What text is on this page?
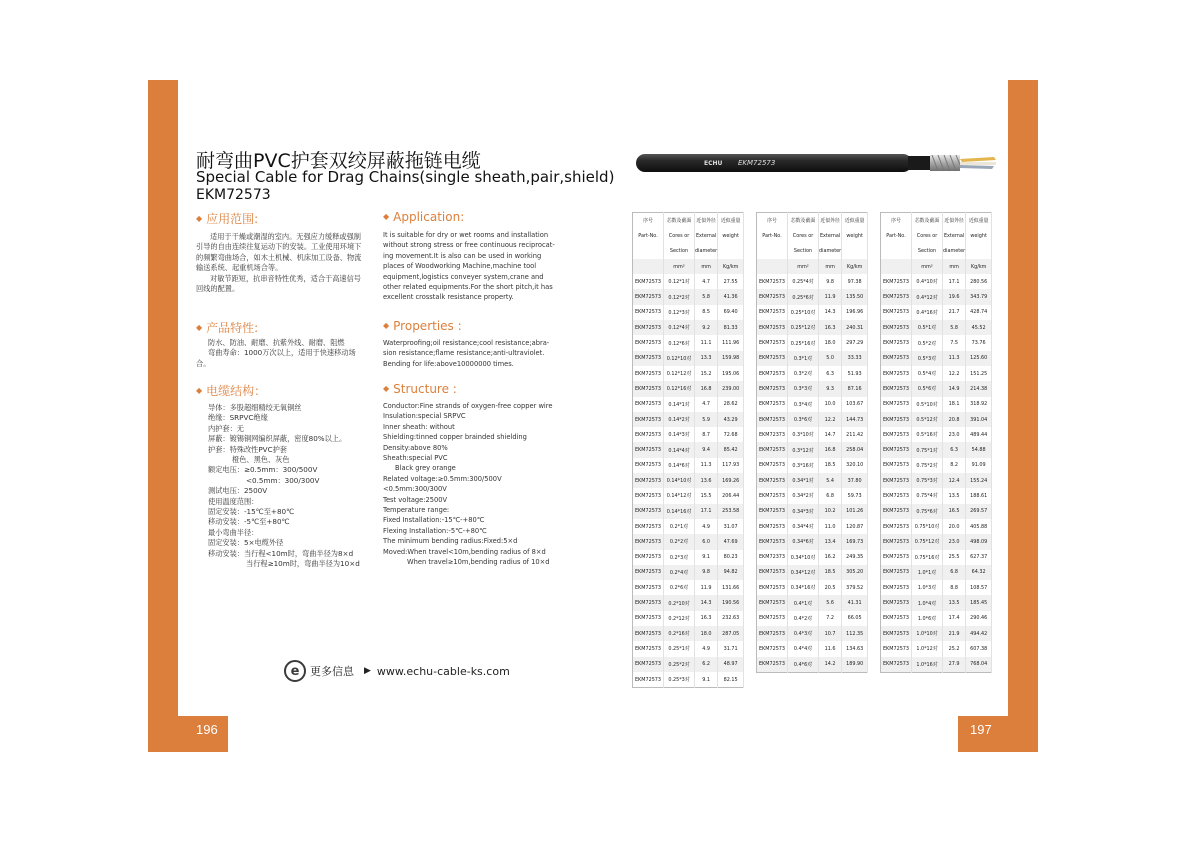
196	197
耐弯曲PVC护套双绞屏蔽拖链电缆
Special Cable for Drag Chains(single sheath,pair,shield)
EKM72573
◆ 应用范围:

适用于干燥或潮湿的室内。无强应力缓释或强制

引导的自由连续往复运动下的安装。工业使用环境下

的频繁弯曲场合，如木土机械、机床加工设备、物流

输送系统、起重机场合等。

对敏节距短，抗串音特性优秀，适合于高速信号

回线的配置。

◆ 产品特性:

防水、防油、耐磨、抗紫外线、耐磨、阻燃

弯曲寿命：1000万次以上，适用于快速移动场

合。

◆ 电缆结构：

导体：多股超细精绞无氧铜丝

绝缘：SRPVC绝缘

内护套：无

屏蔽：镀锡铜网编织屏蔽，密度80%以上。

护套：特殊改性PVC护套

橙色、黑色、灰色

额定电压：≥0.5mm：300/500V

<0.5mm：300/300V

测试电压：2500V

使用温度范围：

固定安装：-15℃至+80℃

移动安装：-5℃至+80℃

最小弯曲半径：

固定安装：5×电缆外径

移动安装：当行程<10m时，弯曲半径为8×d

当行程≥10m时，弯曲半径为10×d

◆ Application:

It is suitable for dry or wet rooms and installation

without strong stress or free continuous reciprocat-

ing movement.It is also can be used in working

places of Woodworking Machine,machine tool

equipment,logistics conveyer system,crane and

other related equipments.For the short pitch,it has

excellent crosstalk resistance property.

◆ Properties :

Waterproofing;oil resistance;cool resistance;abra-

sion resistance;flame resistance;anti-ultraviolet.

Bending for life:above10000000 times.

◆ Structure :

Conductor:Fine strands of oxygen-free copper wire

Insulation:special SRPVC

Inner sheath: without

Shielding:tinned copper brainded shielding

Density:above 80%

Sheath:special PVC

Black grey orange

Related voltage:≥0.5mm:300/500V

<0.5mm:300/300V

Test voltage:2500V

Temperature range:

Fixed Installation:-15℃-+80℃

Flexing Installation:-5℃-+80℃

The minimum bending radius:Fixed:5×d

Moved:When travel<10m,bending radius of 8×d

When travel≥10m,bending radius of 10×d

e 更多信息 ▶ www.echu-cable-ks.com
ECHU EKM72573
序号	芯数及截面	近似外径	近似重量
Part-No.	Cores or	External	weight
	Section	diameter	
	mm²	mm	Kg/km
EKM72573	0.12*1对	4.7	27.55
EKM72573	0.12*2对	5.8	41.36
EKM72573	0.12*3对	8.5	69.40
EKM72573	0.12*4对	9.2	81.33
EKM72573	0.12*6对	11.1	111.96
EKM72573	0.12*10对	13.3	159.98
EKM72573	0.12*12对	15.2	195.06
EKM72573	0.12*16对	16.8	239.00
EKM72573	0.14*1对	4.7	28.62
EKM72573	0.14*2对	5.9	43.29
EKM72573	0.14*3对	8.7	72.68
EKM72573	0.14*4对	9.4	85.42
EKM72573	0.14*6对	11.3	117.93
EKM72573	0.14*10对	13.6	169.26
EKM72573	0.14*12对	15.5	206.44
EKM72573	0.14*16对	17.1	253.58
EKM72573	0.2*1对	4.9	31.07
EKM72573	0.2*2对	6.0	47.69
EKM72573	0.2*3对	9.1	80.23
EKM72573	0.2*4对	9.8	94.82
EKM72573	0.2*6对	11.9	131.66
EKM72573	0.2*10对	14.3	190.56
EKM72573	0.2*12对	16.3	232.63
EKM72573	0.2*16对	18.0	287.05
EKM72573	0.25*1对	4.9	31.71
EKM72573	0.25*2对	6.2	48.97
EKM72573	0.25*3对	9.1	82.15
序号	芯数及截面	近似外径	近似重量
Part-No.	Cores or	External	weight
	Section	diameter	
	mm²	mm	Kg/km
EKM72573	0.25*4对	9.8	97.38
EKM72573	0.25*6对	11.9	135.50
EKM72573	0.25*10对	14.3	196.96
EKM72573	0.25*12对	16.3	240.31
EKM72573	0.25*16对	18.0	297.29
EKM72573	0.3*1对	5.0	33.33
EKM72573	0.3*2对	6.3	51.93
EKM72573	0.3*3对	9.3	87.16
EKM72573	0.3*4对	10.0	103.67
EKM72573	0.3*6对	12.2	144.73
EKM72373	0.3*10对	14.7	211.42
EKM72573	0.3*12对	16.8	258.04
EKM72573	0.3*16对	18.5	320.10
EKM72573	0.34*1对	5.4	37.80
EKM72573	0.34*2对	6.8	59.73
EKM72573	0.34*3对	10.2	101.26
EKM72573	0.34*4对	11.0	120.87
EKM72573	0.34*6对	13.4	169.73
EKM72373	0.34*10对	16.2	249.35
EKM72573	0.34*12对	18.5	305.20
EKM72573	0.34*16对	20.5	379.52
EKM72573	0.4*1对	5.6	41.31
EKM72573	0.4*2对	7.2	66.05
EKM72573	0.4*3对	10.7	112.35
EKM72573	0.4*4对	11.6	134.63
EKM72573	0.4*6对	14.2	189.90
序号	芯数及截面	近似外径	近似重量
Part-No.	Cores or	External	weight
	Section	diameter	
	mm²	mm	Kg/km
EKM72573	0.4*10对	17.1	280.56
EKM72573	0.4*12对	19.6	343.79
EKM72573	0.4*16对	21.7	428.74
EKM72573	0.5*1对	5.8	45.52
EKM72573	0.5*2对	7.5	73.76
EKM72573	0.5*3对	11.3	125.60
EKM72573	0.5*4对	12.2	151.25
EKM72573	0.5*6对	14.9	214.38
EKM72573	0.5*10对	18.1	318.92
EKM72573	0.5*12对	20.8	391.04
EKM72573	0.5*16对	23.0	489.44
EKM72573	0.75*1对	6.3	54.88
EKM72573	0.75*2对	8.2	91.09
EKM72573	0.75*3对	12.4	155.24
EKM72573	0.75*4对	13.5	188.61
EKM72573	0.75*6对	16.5	269.57
EKM72573	0.75*10对	20.0	405.88
EKM72573	0.75*12对	23.0	498.09
EKM72573	0.75*16对	25.5	627.37
EKM72573	1.0*1对	6.8	64.32
EKM72573	1.0*3对	8.8	108.57
EKM72573	1.0*4对	13.5	185.45
EKM72573	1.0*6对	17.4	290.46
EKM72573	1.0*10对	21.9	494.42
EKM72573	1.0*12对	25.2	607.38
EKM72573	1.0*16对	27.9	768.04
